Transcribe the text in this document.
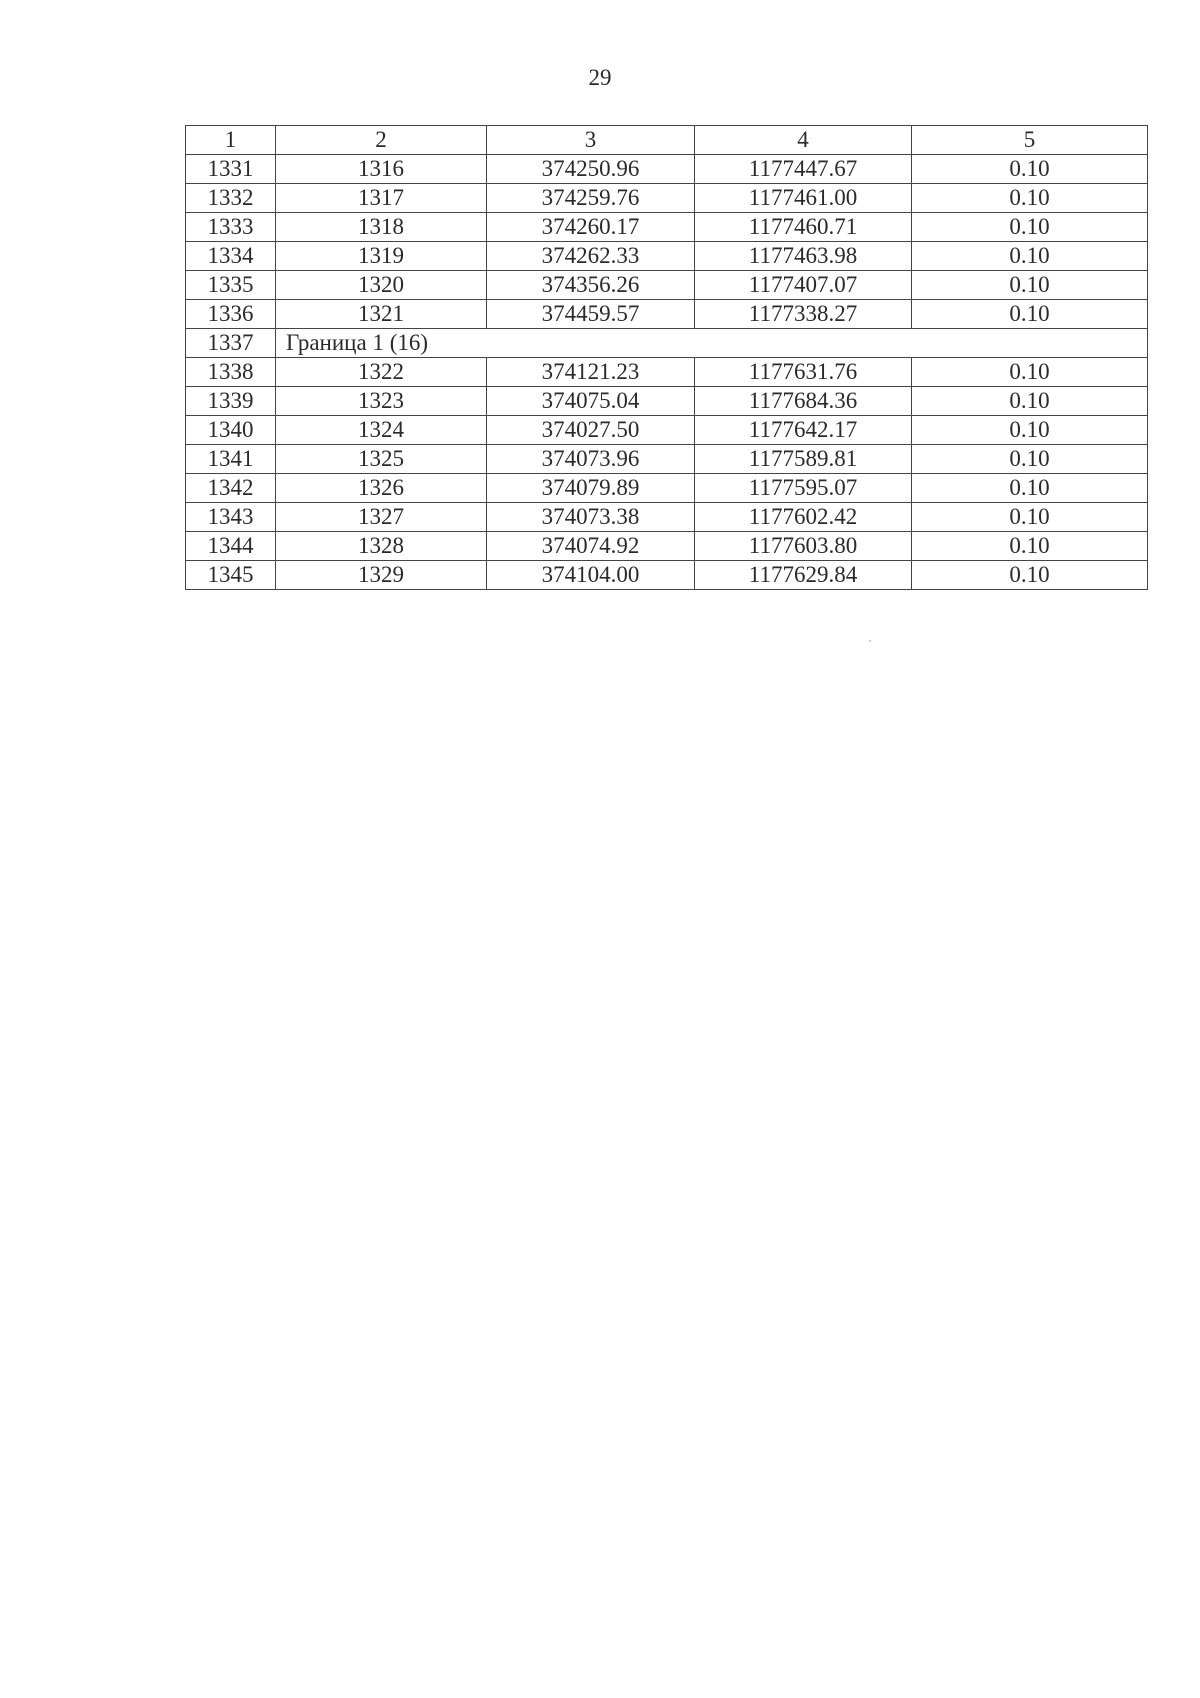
29
1	2	3	4	5
1331	1316	374250.96	1177447.67	0.10
1332	1317	374259.76	1177461.00	0.10
1333	1318	374260.17	1177460.71	0.10
1334	1319	374262.33	1177463.98	0.10
1335	1320	374356.26	1177407.07	0.10
1336	1321	374459.57	1177338.27	0.10
1337	Граница 1 (16)			
1338	1322	374121.23	1177631.76	0.10
1339	1323	374075.04	1177684.36	0.10
1340	1324	374027.50	1177642.17	0.10
1341	1325	374073.96	1177589.81	0.10
1342	1326	374079.89	1177595.07	0.10
1343	1327	374073.38	1177602.42	0.10
1344	1328	374074.92	1177603.80	0.10
1345	1329	374104.00	1177629.84	0.10
